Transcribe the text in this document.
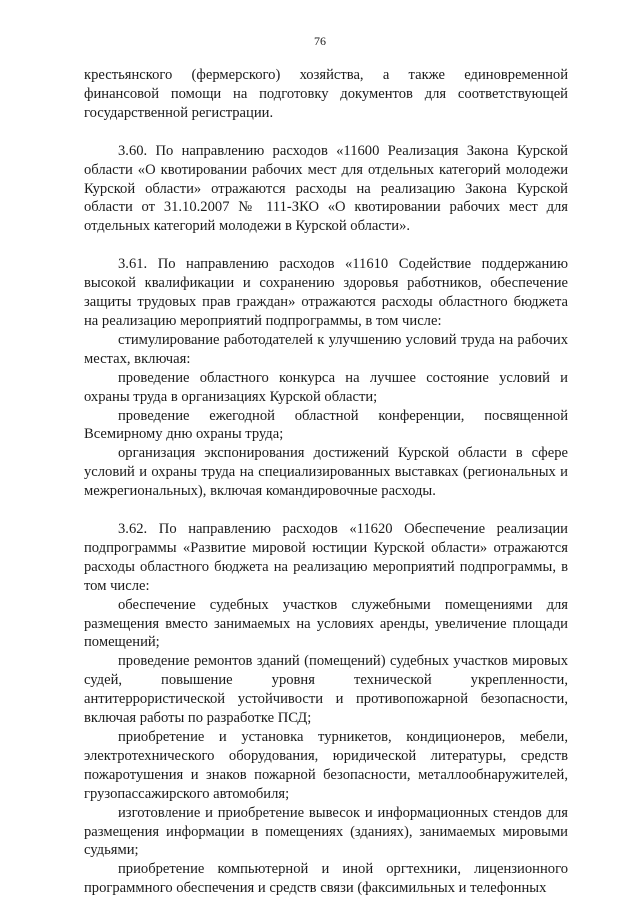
76

крестьянского (фермерского) хозяйства, а также единовременной финансовой помощи на подготовку документов для соответствующей государственной регистрации.

3.60. По направлению расходов «11600 Реализация Закона Курской области «О квотировании рабочих мест для отдельных категорий молодежи Курской области» отражаются расходы на реализацию Закона Курской области от 31.10.2007 № 111-ЗКО «О квотировании рабочих мест для отдельных категорий молодежи в Курской области».

3.61. По направлению расходов «11610 Содействие поддержанию высокой квалификации и сохранению здоровья работников, обеспечение защиты трудовых прав граждан» отражаются расходы областного бюджета на реализацию мероприятий подпрограммы, в том числе:

стимулирование работодателей к улучшению условий труда на рабочих местах, включая:

проведение областного конкурса на лучшее состояние условий и охраны труда в организациях Курской области;

проведение ежегодной областной конференции, посвященной Всемирному дню охраны труда;

организация экспонирования достижений Курской области в сфере условий и охраны труда на специализированных выставках (региональных и межрегиональных), включая командировочные расходы.

3.62. По направлению расходов «11620 Обеспечение реализации подпрограммы «Развитие мировой юстиции Курской области» отражаются расходы областного бюджета на реализацию мероприятий подпрограммы, в том числе:

обеспечение судебных участков служебными помещениями для размещения вместо занимаемых на условиях аренды, увеличение площади помещений;

проведение ремонтов зданий (помещений) судебных участков мировых судей, повышение уровня технической укрепленности, антитеррористической устойчивости и противопожарной безопасности, включая работы по разработке ПСД;

приобретение и установка турникетов, кондиционеров, мебели, электротехнического оборудования, юридической литературы, средств пожаротушения и знаков пожарной безопасности, металлообнаружителей, грузопассажирского автомобиля;

изготовление и приобретение вывесок и информационных стендов для размещения информации в помещениях (зданиях), занимаемых мировыми судьями;

приобретение компьютерной и иной оргтехники, лицензионного программного обеспечения и средств связи (факсимильных и телефонных
